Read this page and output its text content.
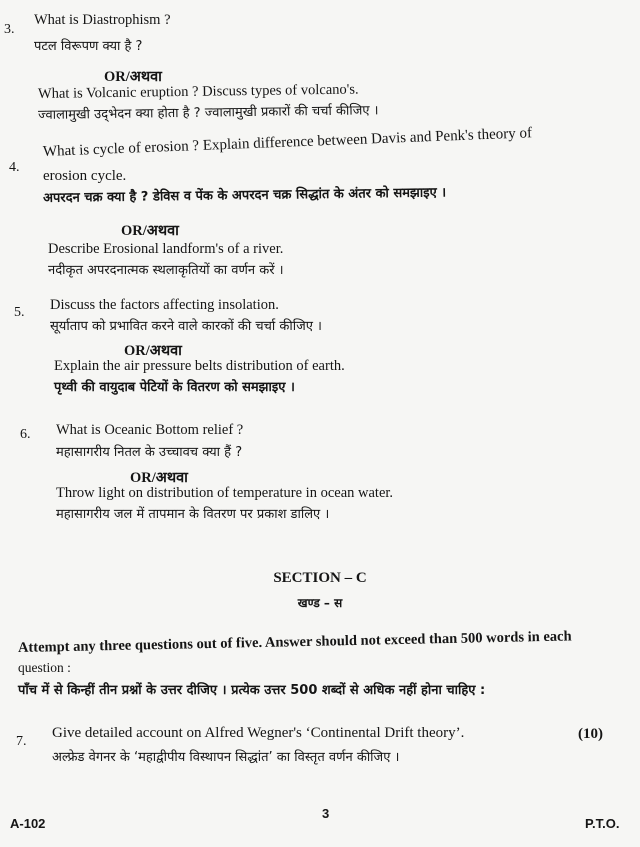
3.
What is Diastrophism ?
पटल विरूपण क्या है ?
OR/अथवा
What is Volcanic eruption ? Discuss types of volcano's.
ज्वालामुखी उद्‌भेदन क्या होता है ? ज्वालामुखी प्रकारों की चर्चा कीजिए ।
4.
What is cycle of erosion ? Explain difference between Davis and Penk's theory of
erosion cycle.
अपरदन चक्र क्या है ? डेविस व पेंक के अपरदन चक्र सिद्धांत के अंतर को समझाइए ।
OR/अथवा
Describe Erosional landform's of a river.
नदीकृत अपरदनात्मक स्थलाकृतियों का वर्णन करें ।
5. Discuss the factors affecting insolation.
सूर्याताप को प्रभावित करने वाले कारकों की चर्चा कीजिए ।
OR/अथवा
Explain the air pressure belts distribution of earth.
पृथ्वी की वायुदाब पेटियों के वितरण को समझाइए ।
6. What is Oceanic Bottom relief ?
महासागरीय नितल के उच्चावच क्या हैं ?
OR/अथवा
Throw light on distribution of temperature in ocean water.
महासागरीय जल में तापमान के वितरण पर प्रकाश डालिए ।
SECTION – C
खण्ड – स
Attempt any three questions out of five. Answer should not exceed than 500 words in each
question :
पाँच में से किन्हीं तीन प्रश्नों के उत्तर दीजिए । प्रत्येक उत्तर 500 शब्दों से अधिक नहीं होना चाहिए :
7.
Give detailed account on Alfred Wegner's ‘Continental Drift theory’.	(10)
अल्फ्रेड वेगनर के ‘महाद्वीपीय विस्थापन सिद्धांत’ का विस्तृत वर्णन कीजिए ।
A-102
3
P.T.O.
